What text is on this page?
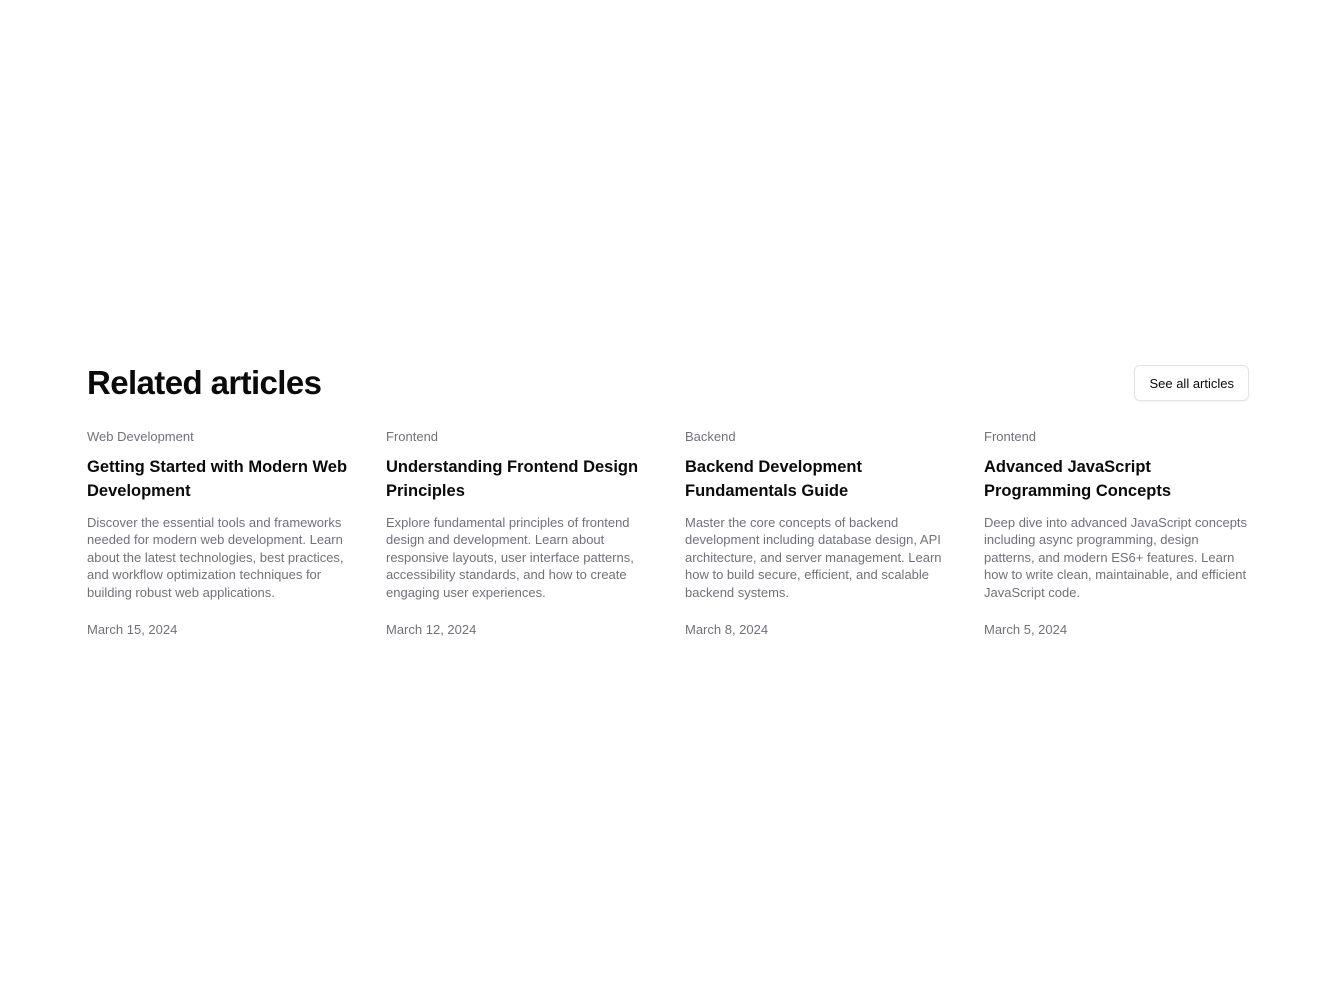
Related articles	See all articles
Web Development
Getting Started with Modern Web Development

Discover the essential tools and frameworks needed for modern web development. Learn about the latest technologies, best practices, and workflow optimization techniques for building robust web applications.

March 15, 2024
Frontend
Understanding Frontend Design Principles

Explore fundamental principles of frontend design and development. Learn about responsive layouts, user interface patterns, accessibility standards, and how to create engaging user experiences.

March 12, 2024
Backend
Backend Development Fundamentals Guide

Master the core concepts of backend development including database design, API architecture, and server management. Learn how to build secure, efficient, and scalable backend systems.

March 8, 2024
Frontend
Advanced JavaScript Programming Concepts

Deep dive into advanced JavaScript concepts including async programming, design patterns, and modern ES6+ features. Learn how to write clean, maintainable, and efficient JavaScript code.

March 5, 2024
